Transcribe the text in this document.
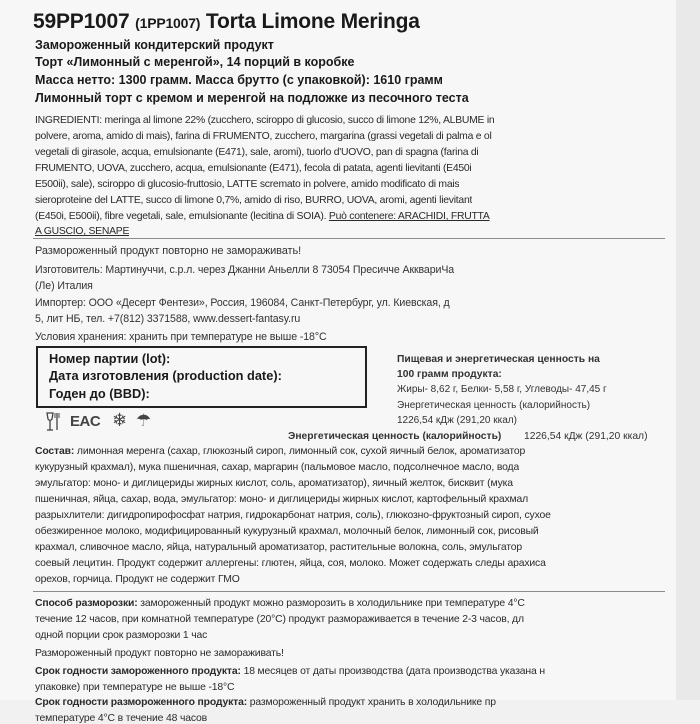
59PP1007 (1PP1007) Torta Limone Meringa
Замороженный кондитерский продукт
Торт «Лимонный с меренгой», 14 порций в коробке
Масса нетто: 1300 грамм. Масса брутто (с упаковкой): 1610 грамм
Лимонный торт с кремом и меренгой на подложке из песочного теста
INGREDIENTI: meringa al limone 22% (zucchero, sciroppo di glucosio, succo di limone 12%, ALBUME in
polvere, aroma, amido di mais), farina di FRUMENTO, zucchero, margarina (grassi vegetali di palma e ol
vegetali di girasole, acqua, emulsionante (E471), sale, aromi), tuorlo d'UOVO, pan di spagna (farina di
FRUMENTO, UOVA, zucchero, acqua, emulsionante (E471), fecola di patata, agenti lievitanti (E450i
E500ii), sale), sciroppo di glucosio-fruttosio, LATTE scremato in polvere, amido modificato di mais
sieroproteine del LATTE, succo di limone 0,7%, amido di riso, BURRO, UOVA, aromi, agenti lievitant
(E450i, E500ii), fibre vegetali, sale, emulsionante (lecitina di SOIA). Può contenere: ARACHIDI, FRUTTA
A GUSCIO, SENAPE
Размороженный продукт повторно не замораживать!
Изготовитель: Мартинуччи, с.р.л. через Джанни Аньелли 8 73054 Пресичче АкквариЧа
(Ле) Италия
Импортер: ООО «Десерт Фентези», Россия, 196084, Санкт-Петербург, ул. Киевская, д
5, лит НБ, тел. +7(812) 3371588, www.dessert-fantasy.ru
Условия хранения: хранить при температуре не выше -18°С
Номер партии (lot):
Дата изготовления (production date):
Годен до (BBD):
EAC ❄ ☂
Пищевая и энергетическая ценность на
100 грамм продукта:
Жиры- 8,62 г, Белки- 5,58 г, Углеводы- 47,45 г
Энергетическая ценность (калорийность)
1226,54 кДж (291,20 ккал)
Энергетическая ценность (калорийность) 1226,54 кДж (291,20 ккал)
Состав: лимонная меренга (сахар, глюкозный сироп, лимонный сок, сухой яичный белок, ароматизатор
кукурузный крахмал), мука пшеничная, сахар, маргарин (пальмовое масло, подсолнечное масло, вода
эмульгатор: моно- и диглицериды жирных кислот, соль, ароматизатор), яичный желток, бисквит (мука
пшеничная, яйца, сахар, вода, эмульгатор: моно- и диглицериды жирных кислот, картофельный крахмал
разрыхлители: дигидропирофосфат натрия, гидрокарбонат натрия, соль), глюкозно-фруктозный сироп, сухое
обезжиренное молоко, модифицированный кукурузный крахмал, молочный белок, лимонный сок, рисовый
крахмал, сливочное масло, яйца, натуральный ароматизатор, растительные волокна, соль, эмульгатор
соевый лецитин. Продукт содержит аллергены: глютен, яйца, соя, молоко. Может содержать следы арахиса
орехов, горчица. Продукт не содержит ГМО
Способ разморозки: замороженный продукт можно разморозить в холодильнике при температуре 4°С
течение 12 часов, при комнатной температуре (20°С) продукт размораживается в течение 2-3 часов, дл
одной порции срок разморозки 1 час
Размороженный продукт повторно не замораживать!
Срок годности замороженного продукта: 18 месяцев от даты производства (дата производства указана н
упаковке) при температуре не выше -18°С
Срок годности размороженного продукта: размороженный продукт хранить в холодильнике пр
температуре 4°С в течение 48 часов
